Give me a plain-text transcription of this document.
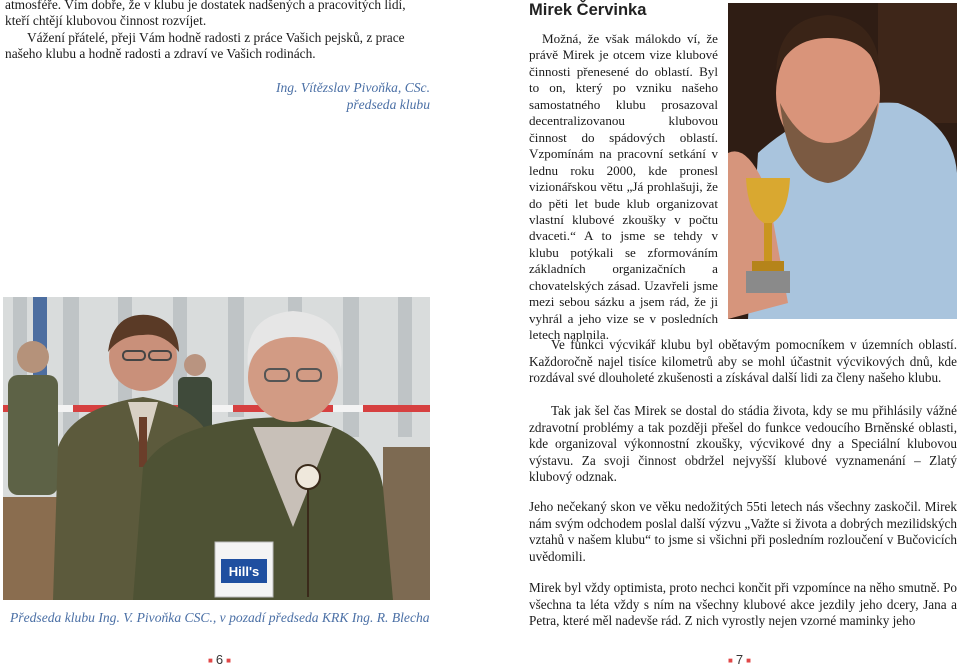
atmosféře. Vím dobře, že v klubu je dostatek nadšených a pracovitých lidí, kteří chtějí klubovou činnost rozvíjet.

Vážení přátelé, přeji Vám hodně radosti z práce Vašich pejsků, z prace našeho klubu a hodně radosti a zdraví ve Vašich rodinách.

Ing. Vítězslav Pivoňka, CSc.
předseda klubu
Hill's
Předseda klubu Ing. V. Pivoňka CSC., v pozadí předseda KRK Ing. R. Blecha
■ 6 ■
Mirek Červinka

Možná, že však málokdo ví, že právě Mirek je otcem vize klubové činnosti přenesené do oblastí. Byl to on, který po vzniku našeho samostatného klubu prosazoval decentralizovanou klubovou činnost do spádových oblastí. Vzpomínám na pracovní setkání v lednu roku 2000, kde pronesl vizionářskou větu „Já prohlašuji, že do pěti let bude klub organizovat vlastní klubové zkoušky v počtu dvaceti.“ A to jsme se tehdy v klubu potýkali se zformováním základních organizačních a chovatelských zásad. Uzavřeli jsme mezi sebou sázku a jsem rád, že ji vyhrál a jeho vize se v posledních letech naplnila.

Ve funkci výcvikář klubu byl obětavým pomocníkem v územních oblastí. Každoročně najel tisíce kilometrů aby se mohl účastnit výcvikových dnů, kde rozdával své dlouholeté zkušenosti a získával další lidi za členy našeho klubu.

Tak jak šel čas Mirek se dostal do stádia života, kdy se mu přihlásily vážné zdravotní problémy a tak později přešel do funkce vedoucího Brněnské oblasti, kde organizoval výkonnostní zkoušky, výcvikové dny a Speciální klubovou výstavu. Za svoji činnost obdržel nejvyšší klubové vyznamenání – Zlatý klubový odznak.

Jeho nečekaný skon ve věku nedožitých 55ti letech nás všechny zaskočil. Mirek nám svým odchodem poslal další výzvu „Važte si života a dobrých mezilidských vztahů v našem klubu“ to jsme si všichni při posledním rozloučení v Bučovicích uvědomili.

Mirek byl vždy optimista, proto nechci končit při vzpomínce na něho smutně. Po všechna ta léta vždy s ním na všechny klubové akce jezdily jeho dcery, Jana a Petra, které měl nadevše rád. Z nich vyrostly nejen vzorné maminky jeho

■ 7 ■
